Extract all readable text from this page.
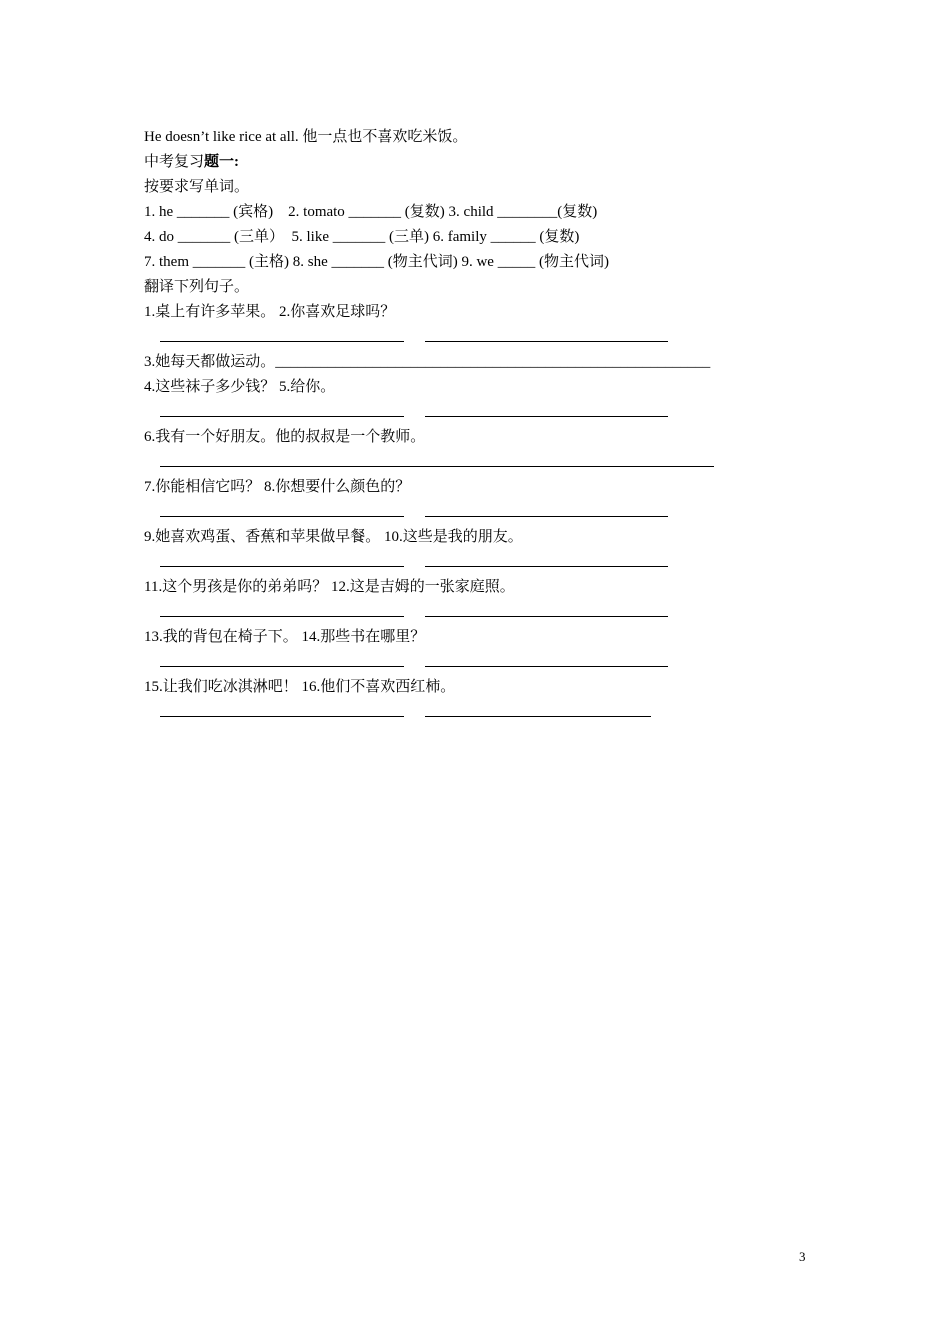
He doesn’t like rice at all. 他一点也不喜欢吃米饭。
中考复习题一:
按要求写单词。
1. he _______ (宾格)    2. tomato _______ (复数) 3. child ________(复数)
4. do _______ (三单）  5. like _______ (三单) 6. family ______ (复数)
7. them _______ (主格) 8. she _______ (物主代词) 9. we _____ (物主代词)
翻译下列句子。
1.桌上有许多苹果。 2.你喜欢足球吗？
3.她每天都做运动。__________________________________________________________
4.这些袜子多少钱？ 5.给你。
6.我有一个好朋友。他的叔叔是一个教师。
7.你能相信它吗？ 8.你想要什么颜色的？
9.她喜欢鸡蛋、香蕉和苹果做早餐。 10.这些是我的朋友。
11.这个男孩是你的弟弟吗？ 12.这是吉姆的一张家庭照。
13.我的背包在椅子下。 14.那些书在哪里？
15.让我们吃冰淇淋吧！ 16.他们不喜欢西红柿。
3
